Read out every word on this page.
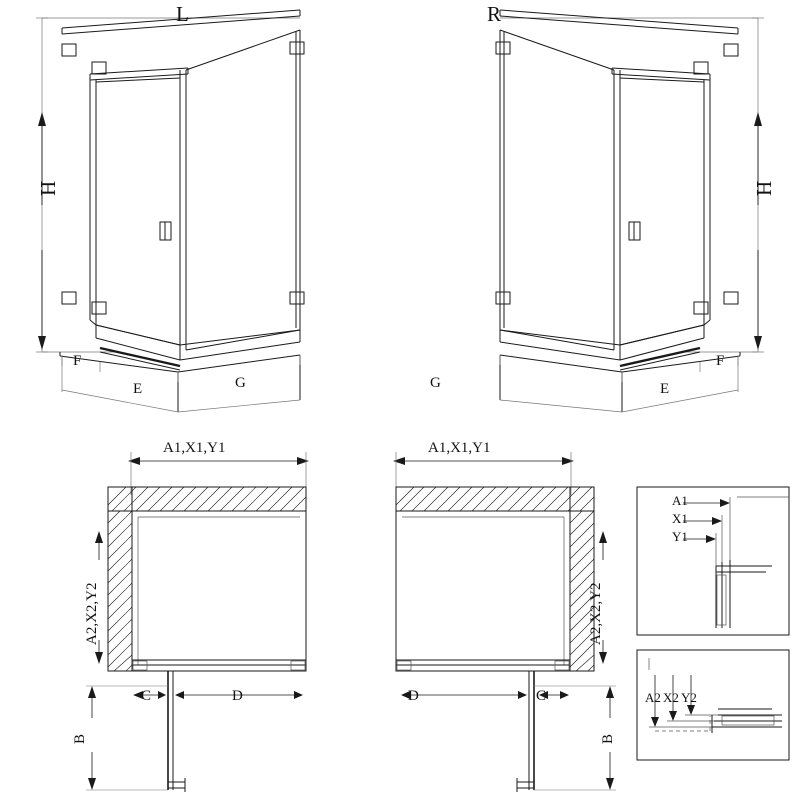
L	R
H	H
F
E	G
F
E
G
A1,X1,Y1
A2,X2,Y2
C	D
B
A1,X1,Y1
A2,X2,Y2
D	C
B
A1
X1
Y1
A2 X2 Y2
